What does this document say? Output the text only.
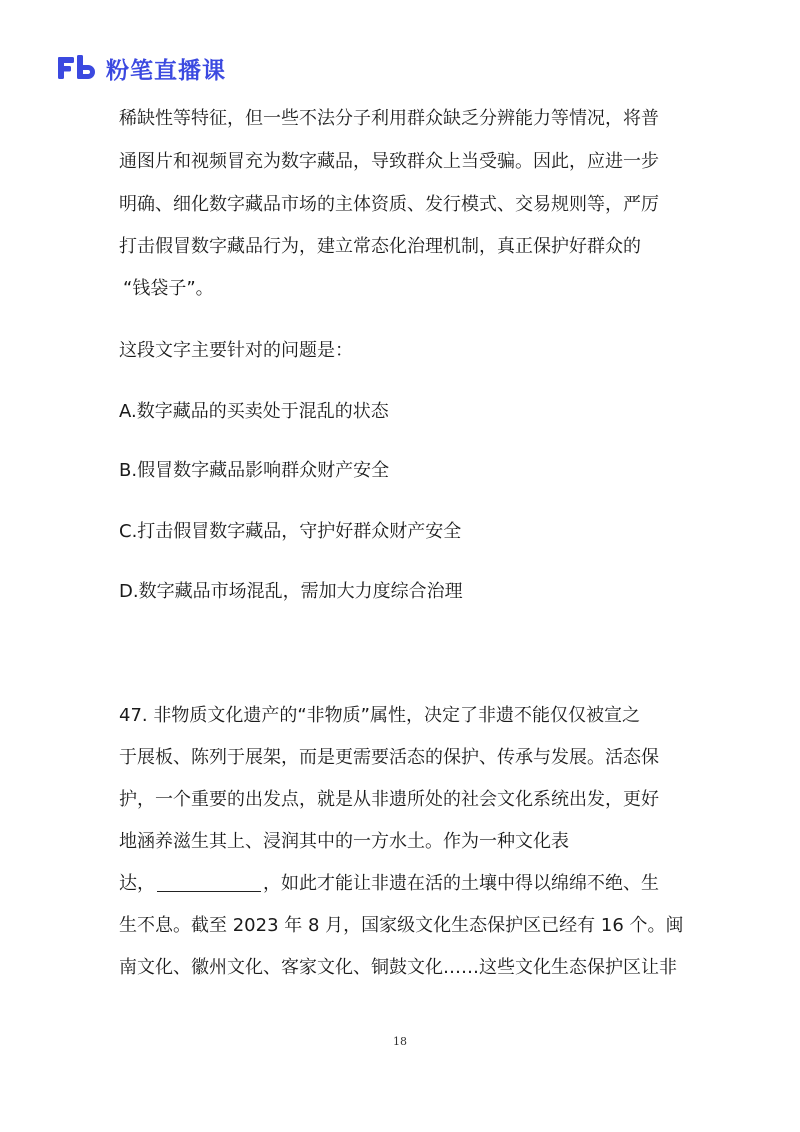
粉笔直播课
稀缺性等特征，但一些不法分子利用群众缺乏分辨能力等情况，将普
通图片和视频冒充为数字藏品，导致群众上当受骗。因此，应进一步
明确、细化数字藏品市场的主体资质、发行模式、交易规则等，严厉
打击假冒数字藏品行为，建立常态化治理机制，真正保护好群众的
“钱袋子”。
这段文字主要针对的问题是：
A.数字藏品的买卖处于混乱的状态
B.假冒数字藏品影响群众财产安全
C.打击假冒数字藏品，守护好群众财产安全
D.数字藏品市场混乱，需加大力度综合治理
47. 非物质文化遗产的“非物质”属性，决定了非遗不能仅仅被宣之
于展板、陈列于展架，而是更需要活态的保护、传承与发展。活态保
护，一个重要的出发点，就是从非遗所处的社会文化系统出发，更好
地涵养滋生其上、浸润其中的一方水土。作为一种文化表
达，	，如此才能让非遗在活的土壤中得以绵绵不绝、生
生不息。截至 2023 年 8 月，国家级文化生态保护区已经有 16 个。闽
南文化、徽州文化、客家文化、铜鼓文化……这些文化生态保护区让非
18
